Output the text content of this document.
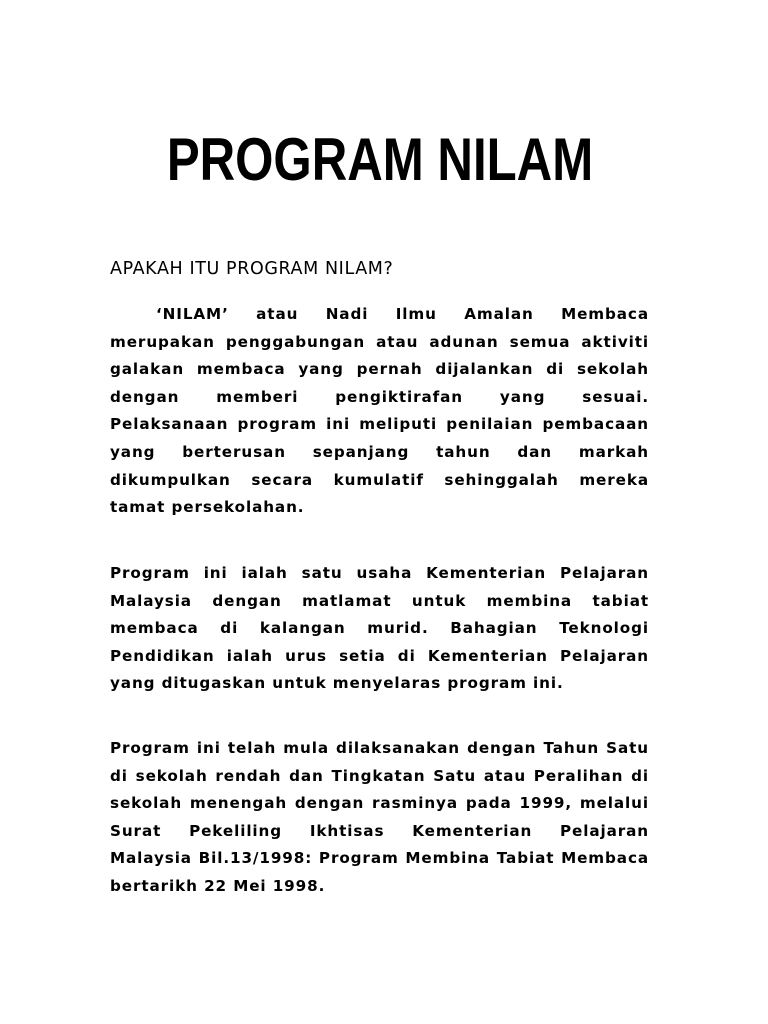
PROGRAM NILAM
APAKAH ITU PROGRAM NILAM?

‘NILAM’ atau Nadi Ilmu Amalan Membaca merupakan penggabungan atau adunan semua aktiviti galakan membaca yang pernah dijalankan di sekolah dengan memberi pengiktirafan yang sesuai. Pelaksanaan program ini meliputi penilaian pembacaan yang berterusan sepanjang tahun dan markah dikumpulkan secara kumulatif sehinggalah mereka tamat persekolahan.

Program ini ialah satu usaha Kementerian Pelajaran Malaysia dengan matlamat untuk membina tabiat membaca di kalangan murid. Bahagian Teknologi Pendidikan ialah urus setia di Kementerian Pelajaran yang ditugaskan untuk menyelaras program ini.

Program ini telah mula dilaksanakan dengan Tahun Satu di sekolah rendah dan Tingkatan Satu atau Peralihan di sekolah menengah dengan rasminya pada 1999, melalui Surat Pekeliling Ikhtisas Kementerian Pelajaran Malaysia Bil.13/1998: Program Membina Tabiat Membaca bertarikh 22 Mei 1998.
